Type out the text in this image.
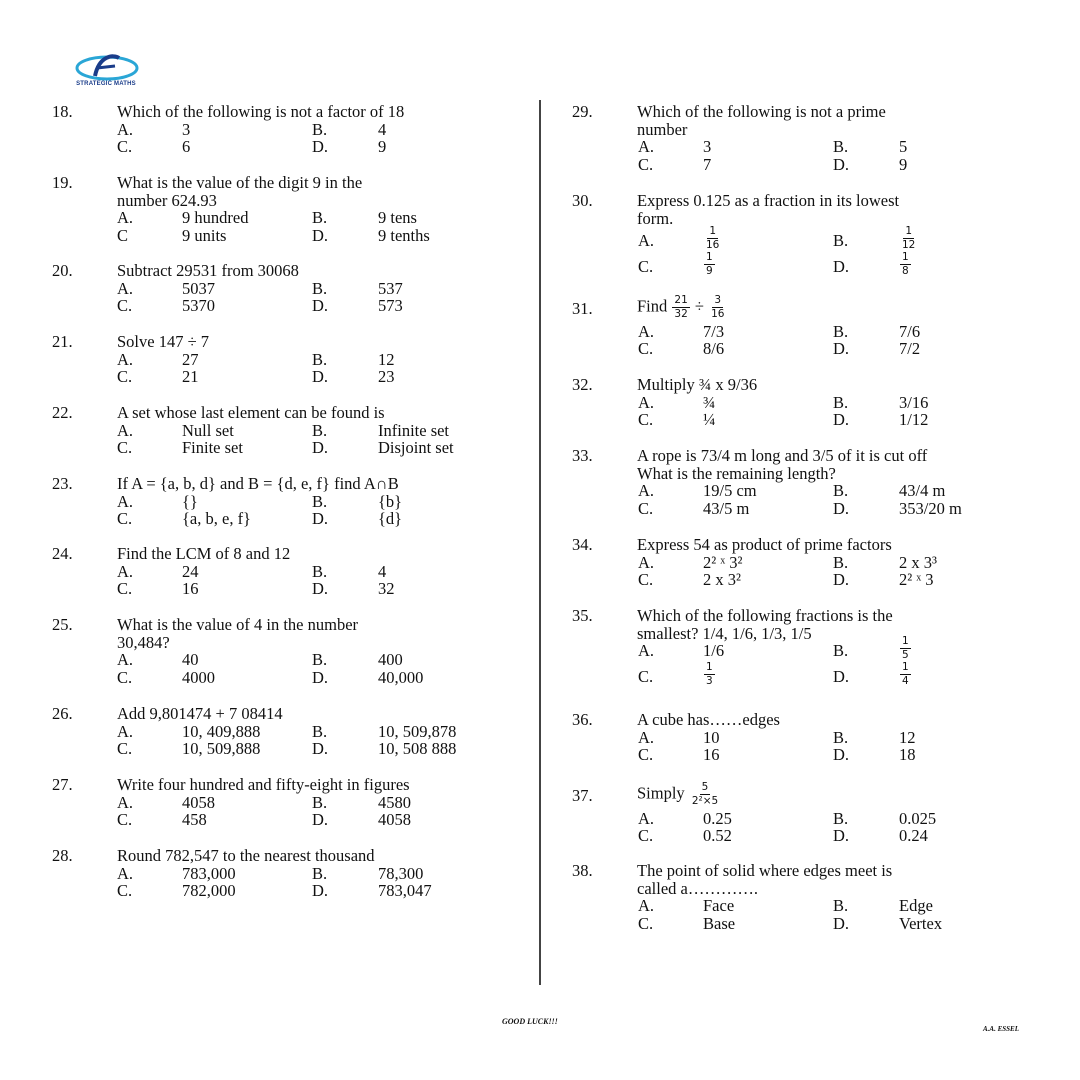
STRATEGIC MATHS
18.	Which of the following is not a factor of 18
A.	3	B.	4
C.	6	D.	9
19.	What is the value of the digit 9 in the
number 624.93
A.	9 hundred	B.	9 tens
C	9 units	D.	9 tenths
20.	Subtract 29531 from 30068
A.	5037	B.	537
C.	5370	D.	573
21.	Solve 147 ÷ 7
A.	27	B.	12
C.	21	D.	23
22.	A set whose last element can be found is
A.	Null set	B.	Infinite set
C.	Finite set	D.	Disjoint set
23.	If A = {a, b, d} and B = {d, e, f} find A∩B
A.	{}	B.	{b}
C.	{a, b, e, f}	D.	{d}
24.	Find the LCM of 8 and 12
A.	24	B.	4
C.	16	D.	32
25.	What is the value of 4 in the number
30,484?
A.	40	B.	400
C.	4000	D.	40,000
26.	Add 9,801474 + 7 08414
A.	10, 409,888	B.	10, 509,878
C.	10, 509,888	D.	10, 508 888
27.	Write four hundred and fifty-eight in figures
A.	4058	B.	4580
C.	458	D.	4058
28.	Round 782,547 to the nearest thousand
A.	783,000	B.	78,300
C.	782,000	D.	783,047
29.	Which of the following is not a prime
number
A.	3	B.	5
C.	7	D.	9
30.	Express 0.125 as a fraction in its lowest
form.
A.	$\frac{1}{16}$	B.	$\frac{1}{12}$
C.	$\frac{1}{9}$	D.	$\frac{1}{8}$
31.	Find $\frac{21}{32} \div \frac{3}{16}$
A.	7/3	B.	7/6
C.	8/6	D.	7/2
32.	Multiply ¾ x 9/36
A.	¾	B.	3/16
C.	¼	D.	1/12
33.	A rope is 73/4 m long and 3/5 of it is cut off
What is the remaining length?
A.	19/5 cm	B.	43/4 m
C.	43/5 m	D.	353/20 m
34.	Express 54 as product of prime factors
A.	2² ˣ 3²	B.	2 x 3³
C.	2 x 3²	D.	2² ˣ 3
35.	Which of the following fractions is the
smallest? 1/4, 1/6, 1/3, 1/5
A.	1/6	B.	$\frac{1}{5}$
C.	$\frac{1}{3}$	D.	$\frac{1}{4}$
36.	A cube has……edges
A.	10	B.	12
C.	16	D.	18
37.	Simply $\frac{5}{\text{2²×5}}$
A.	0.25	B.	0.025
C.	0.52	D.	0.24
38.	The point of solid where edges meet is
called a………….
A.	Face	B.	Edge
C.	Base	D.	Vertex
GOOD LUCK!!!
A.A. ESSEL
